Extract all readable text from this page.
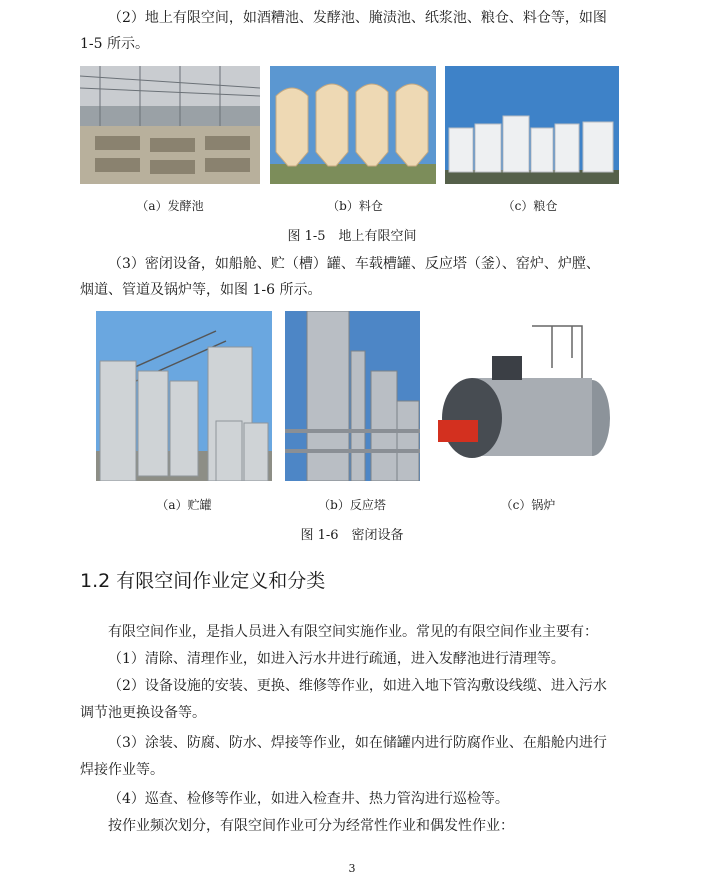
（2）地上有限空间，如酒糟池、发酵池、腌渍池、纸浆池、粮仓、料仓等，如图

1-5 所示。

（a）发酵池	（b）料仓	（c）粮仓
图 1-5　地上有限空间

（3）密闭设备，如船舱、贮（槽）罐、车载槽罐、反应塔（釜）、窑炉、炉膛、

烟道、管道及锅炉等，如图 1-6 所示。

（a）贮罐	（b）反应塔	（c）锅炉
图 1-6　密闭设备
1.2 有限空间作业定义和分类

有限空间作业，是指人员进入有限空间实施作业。常见的有限空间作业主要有：

（1）清除、清理作业，如进入污水井进行疏通，进入发酵池进行清理等。

（2）设备设施的安装、更换、维修等作业，如进入地下管沟敷设线缆、进入污水

调节池更换设备等。

（3）涂装、防腐、防水、焊接等作业，如在储罐内进行防腐作业、在船舱内进行

焊接作业等。

（4）巡查、检修等作业，如进入检查井、热力管沟进行巡检等。

按作业频次划分，有限空间作业可分为经常性作业和偶发性作业：

3
